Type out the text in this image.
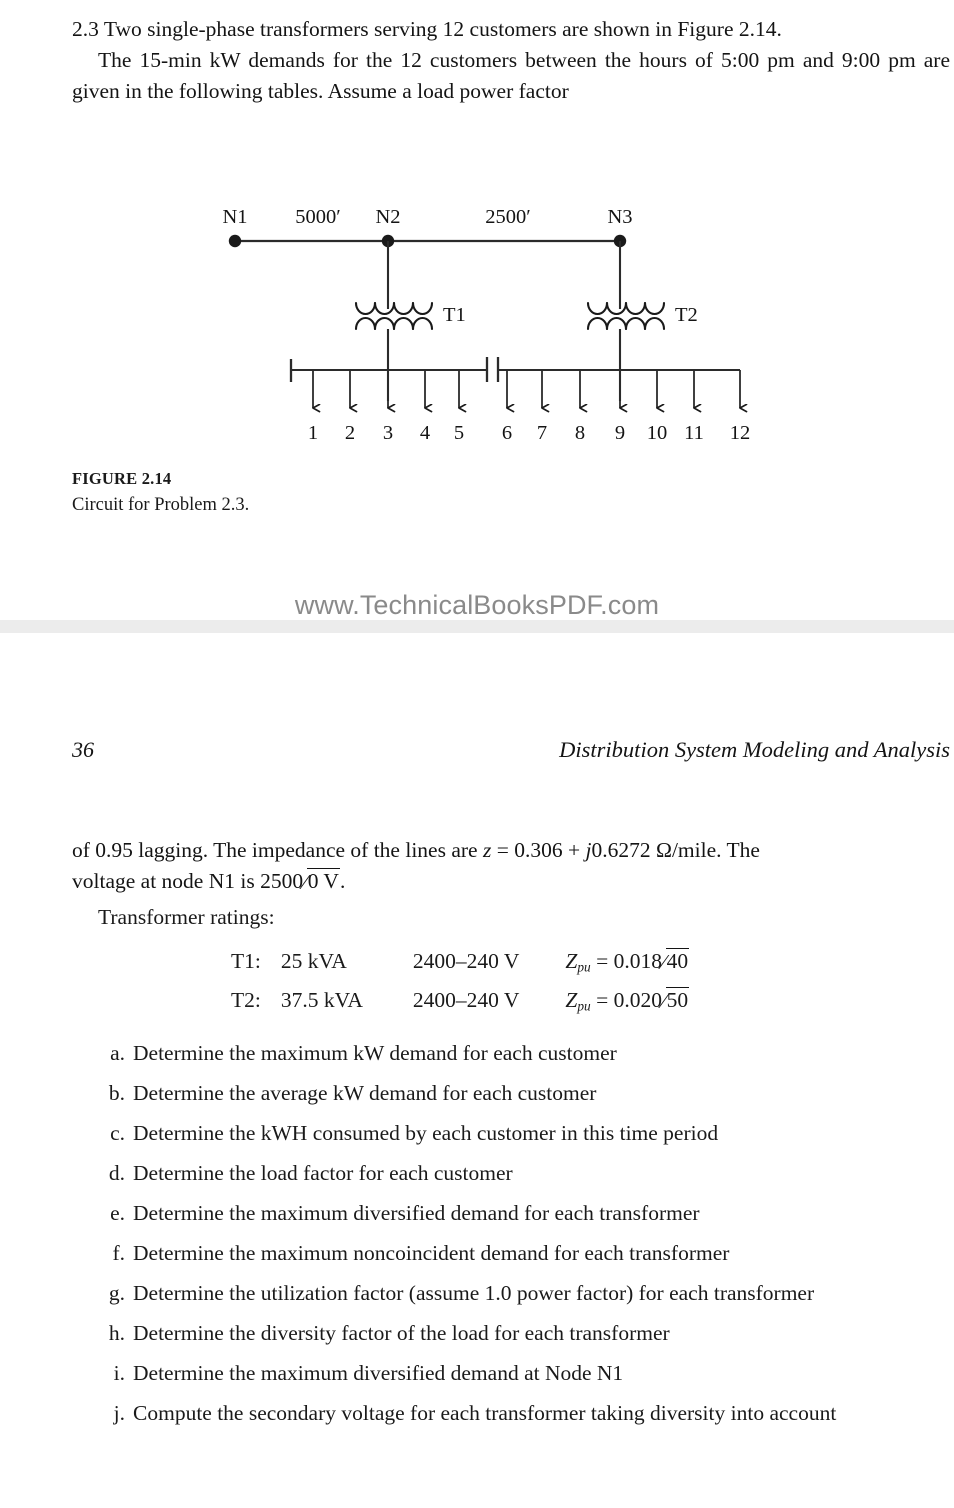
2.3 Two single-phase transformers serving 12 customers are shown in Figure 2.14.
The 15-min kW demands for the 12 customers between the hours of 5:00 pm and 9:00 pm are given in the following tables. Assume a load power factor
N1 5000′ N2	2500′	N3
T1	T2
1 2 3 4 5 6 7 8 9 10 11 12
FIGURE 2.14
Circuit for Problem 2.3.
www.TechnicalBooksPDF.com
36	Distribution System Modeling and Analysis
of 0.95 lagging. The impedance of the lines are z = 0.306 + j0.6272 Ω/mile. The
voltage at node N1 is 2500⁄0 V.
Transformer ratings:
T1:	25 kVA	2400–240 V	$Z_{pu}$ = 0.018⁄40
T2:	37.5 kVA	2400–240 V	$Z_{pu}$ = 0.020⁄50
a. Determine the maximum kW demand for each customer
b. Determine the average kW demand for each customer
c. Determine the kWH consumed by each customer in this time period
d. Determine the load factor for each customer
e. Determine the maximum diversified demand for each transformer
f. Determine the maximum noncoincident demand for each transformer
g. Determine the utilization factor (assume 1.0 power factor) for each transformer
h. Determine the diversity factor of the load for each transformer
i. Determine the maximum diversified demand at Node N1
j. Compute the secondary voltage for each transformer taking diversity into account
